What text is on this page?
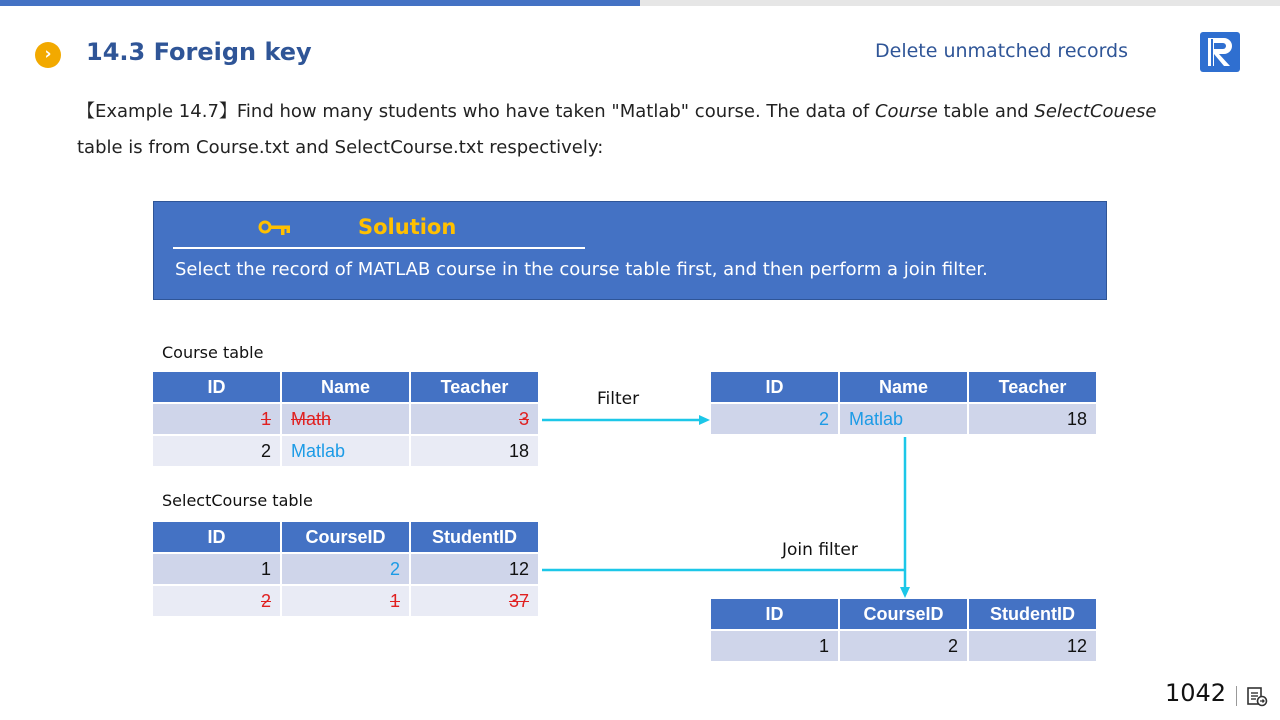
›	14.3 Foreign key	Delete unmatched records
【Example 14.7】Find how many students who have taken "Matlab" course. The data of Course table and SelectCouese table is from Course.txt and SelectCourse.txt respectively:
Solution
Select the record of MATLAB course in the course table first, and then perform a join filter.
Course table
ID	Name	Teacher
1	Math	3
2	Matlab	18
SelectCourse table
ID	CourseID	StudentID
1	2	12
2	1	37
ID	Name	Teacher
2	Matlab	18
ID	CourseID	StudentID
1	2	12
Filter
Join filter
1042
